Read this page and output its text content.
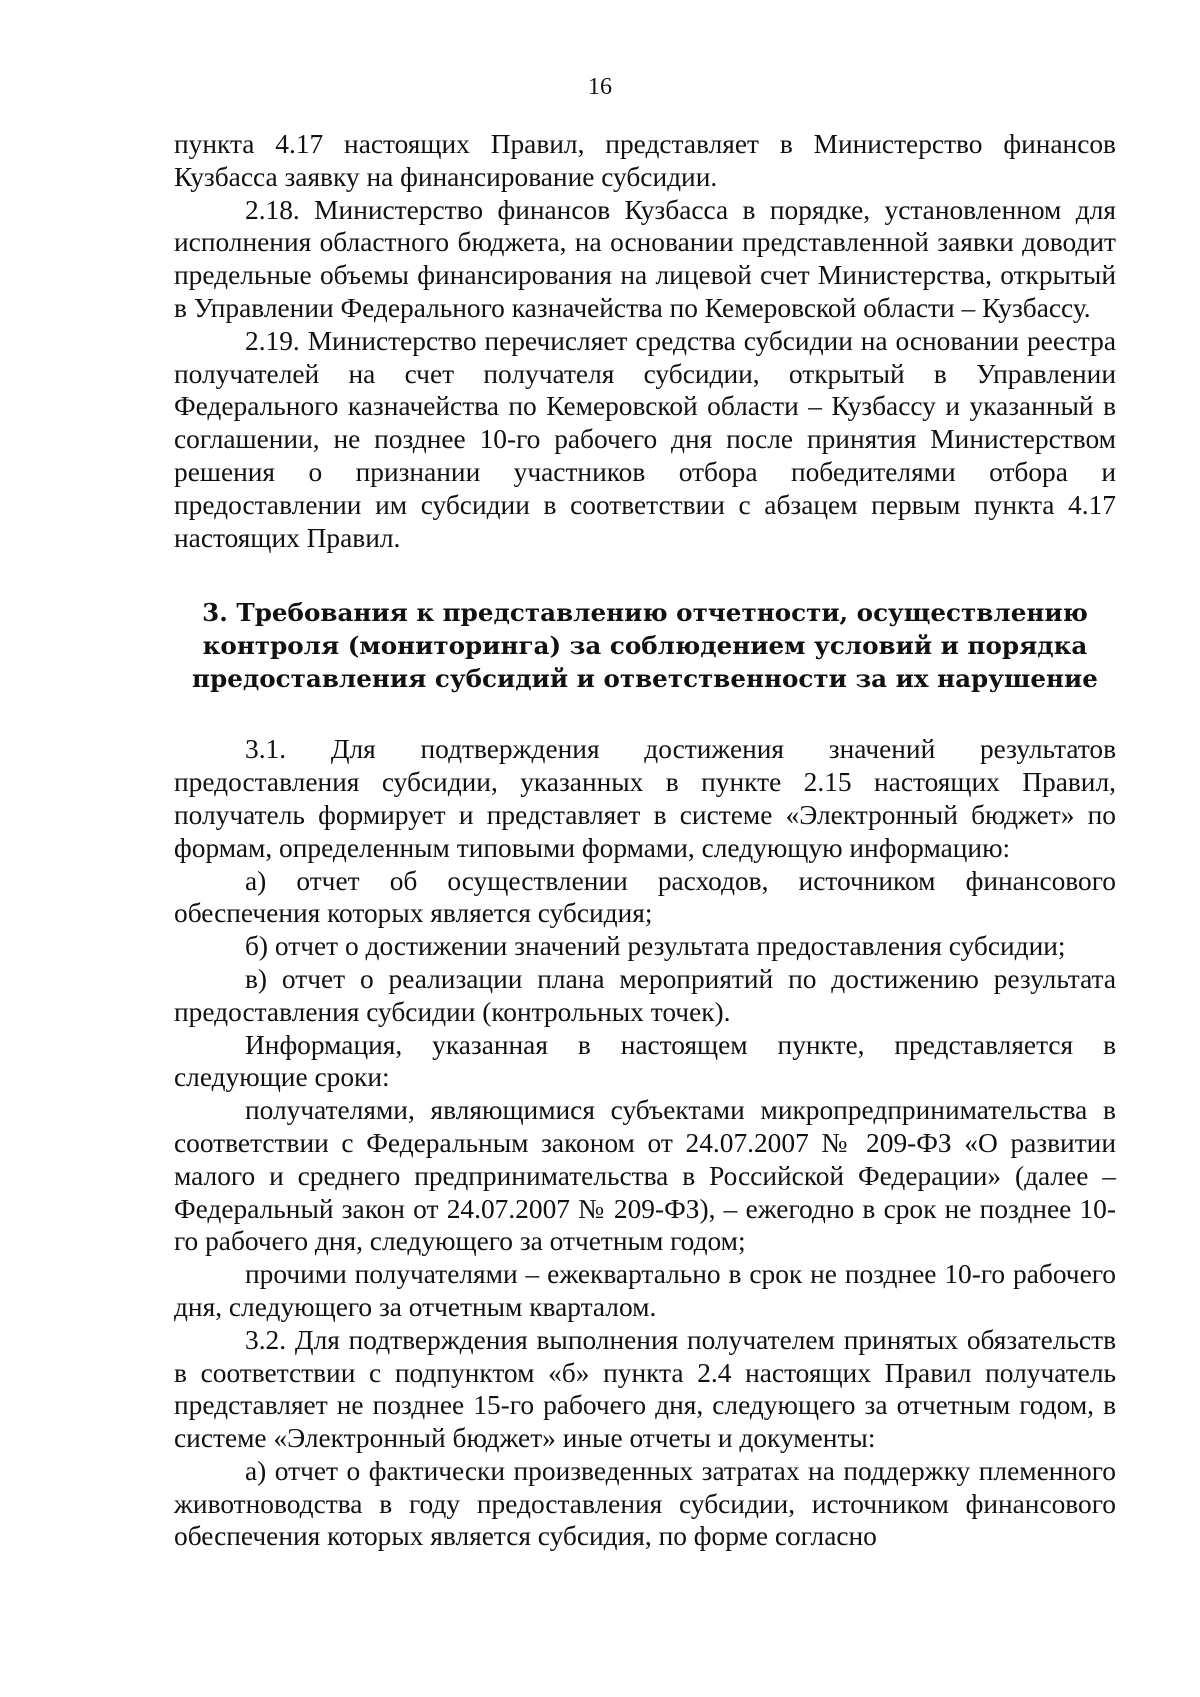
16

пункта 4.17 настоящих Правил, представляет в Министерство финансов Кузбасса заявку на финансирование субсидии.

2.18. Министерство финансов Кузбасса в порядке, установленном для исполнения областного бюджета, на основании представленной заявки доводит предельные объемы финансирования на лицевой счет Министерства, открытый в Управлении Федерального казначейства по Кемеровской области – Кузбассу.

2.19. Министерство перечисляет средства субсидии на основании реестра получателей на счет получателя субсидии, открытый в Управлении Федерального казначейства по Кемеровской области – Кузбассу и указанный в соглашении, не позднее 10-го рабочего дня после принятия Министерством решения о признании участников отбора победителями отбора и предоставлении им субсидии в соответствии с абзацем первым пункта 4.17 настоящих Правил.

3. Требования к представлению отчетности, осуществлению
контроля (мониторинга) за соблюдением условий и порядка
предоставления субсидий и ответственности за их нарушение

3.1. Для подтверждения достижения значений результатов предоставления субсидии, указанных в пункте 2.15 настоящих Правил, получатель формирует и представляет в системе «Электронный бюджет» по формам, определенным типовыми формами, следующую информацию:

а) отчет об осуществлении расходов, источником финансового обеспечения которых является субсидия;

б) отчет о достижении значений результата предоставления субсидии;

в) отчет о реализации плана мероприятий по достижению результата предоставления субсидии (контрольных точек).

Информация, указанная в настоящем пункте, представляется в следующие сроки:

получателями, являющимися субъектами микропредпринимательства в соответствии с Федеральным законом от 24.07.2007 № 209-ФЗ «О развитии малого и среднего предпринимательства в Российской Федерации» (далее – Федеральный закон от 24.07.2007 № 209-ФЗ), – ежегодно в срок не позднее 10-го рабочего дня, следующего за отчетным годом;

прочими получателями – ежеквартально в срок не позднее 10-го рабочего дня, следующего за отчетным кварталом.

3.2. Для подтверждения выполнения получателем принятых обязательств в соответствии с подпунктом «б» пункта 2.4 настоящих Правил получатель представляет не позднее 15-го рабочего дня, следующего за отчетным годом, в системе «Электронный бюджет» иные отчеты и документы:

а) отчет о фактически произведенных затратах на поддержку племенного животноводства в году предоставления субсидии, источником финансового обеспечения которых является субсидия, по форме согласно
